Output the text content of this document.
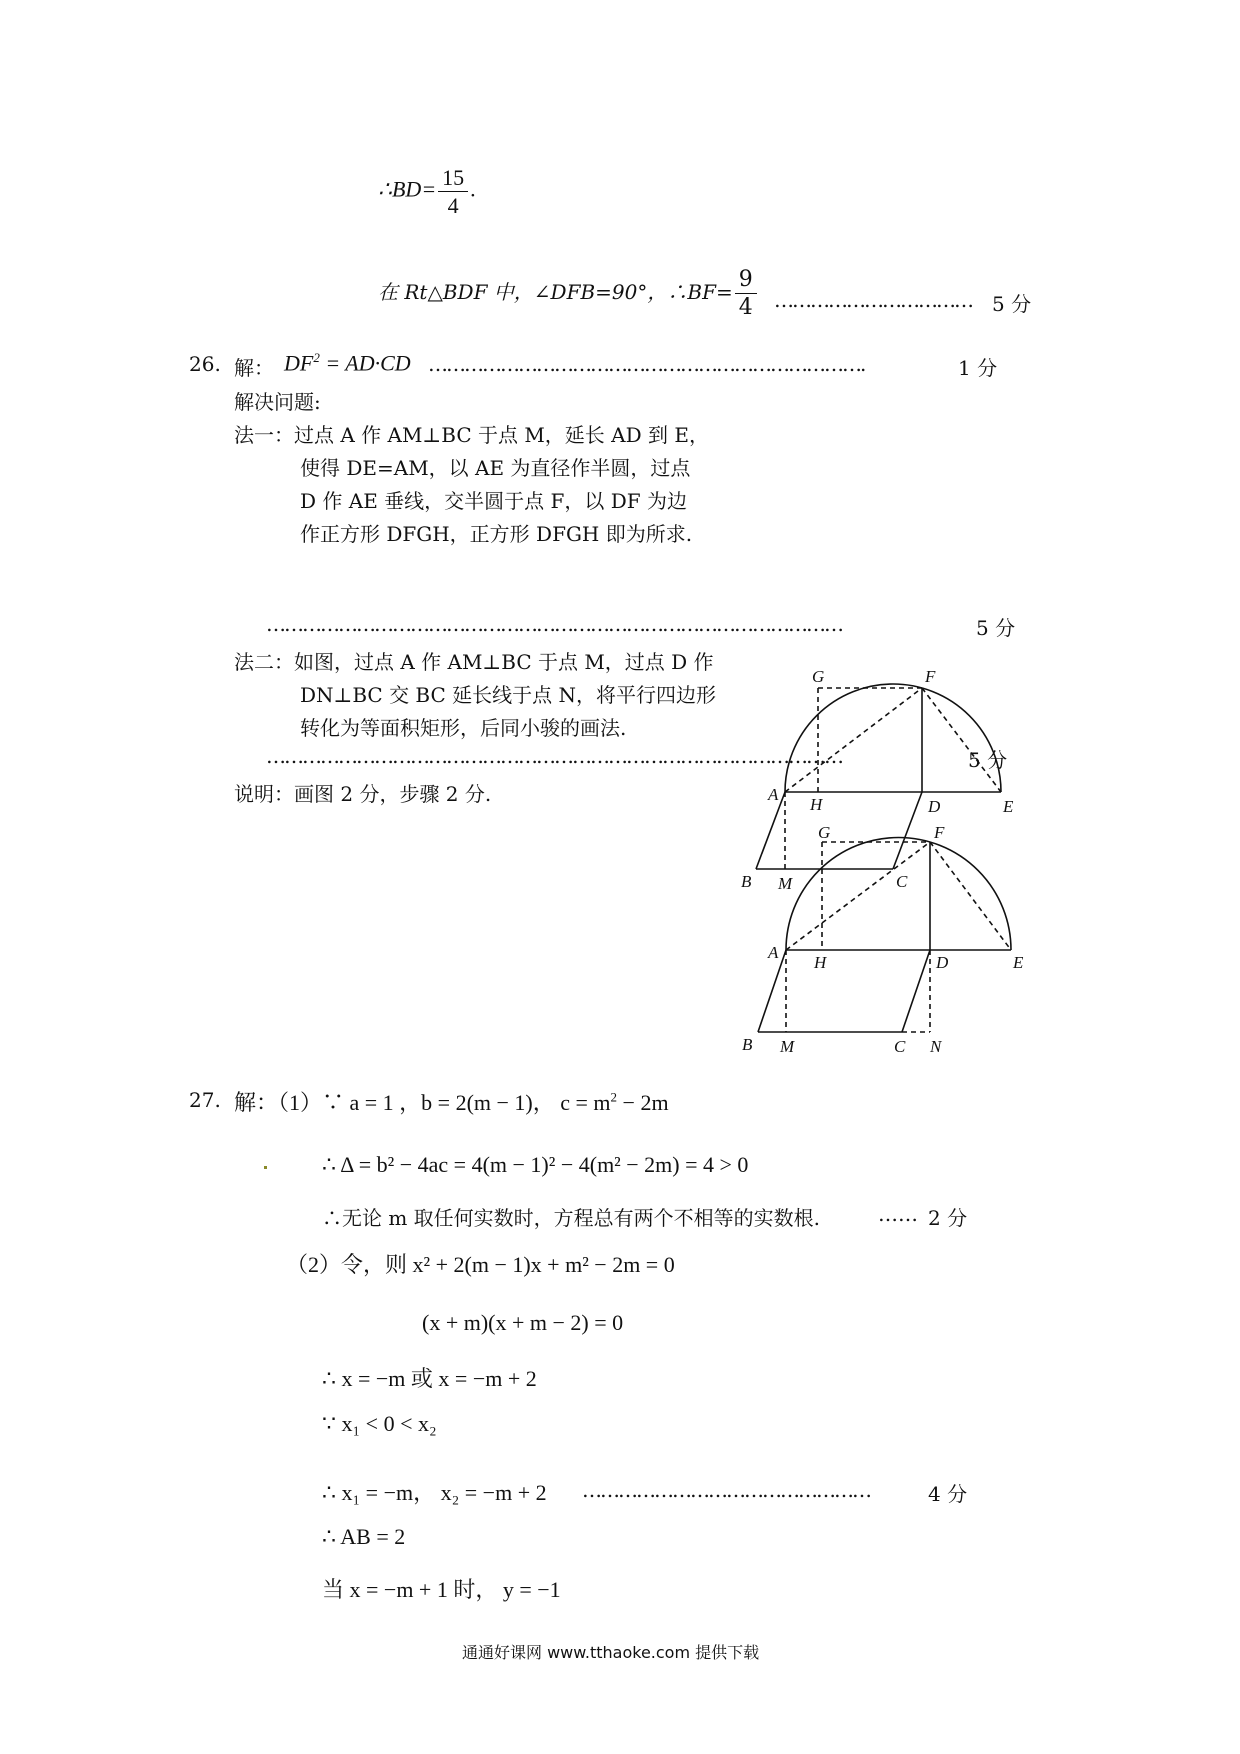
∴BD= $\frac{15}{4}$ .
在 Rt△BDF 中，∠DFB=90°，∴BF= $\frac{9}{4}$ …………………………… 5 分
26. 解： $DF^2 = AD\cdot CD$ ……………………………………………………………….	1 分
解决问题:
法一：过点 A 作 AM⊥BC 于点 M，延长 AD 到 E，
使得 DE=AM，以 AE 为直径作半圆，过点
D 作 AE 垂线，交半圆于点 F，以 DF 为边
作正方形 DFGH，正方形 DFGH 即为所求.
……………………………………………………………………………………	5 分
法二：如图，过点 A 作 AM⊥BC 于点 M，过点 D 作
DN⊥BC 交 BC 延长线于点 N，将平行四边形
转化为等面积矩形，后同小骏的画法.
……………………………………………………………………………………	5 分
说明：画图 2 分，步骤 2 分.
G	F
A
H	D	E
B M	C
G	F
A
H	D	E
B M	C N
27. 解：（1）∵ a = 1 ，b = 2(m − 1)， $c = m^2 - 2m$
∴ Δ = b² − 4ac = 4(m − 1)² − 4(m² − 2m) = 4 > 0
∴无论 m 取任何实数时，方程总有两个不相等的实数根.	…… 2 分
（2）令，则 x² + 2(m − 1)x + m² − 2m = 0
(x + m)(x + m − 2) = 0
∴ x = −m 或 x = −m + 2
∵ x₁ < 0 < x₂
∴ x₁ = −m， x₂ = −m + 2 …………………………………………	4 分
∴ AB = 2
当 x = −m + 1 时， y = −1
通通好课网 www.tthaoke.com 提供下载
